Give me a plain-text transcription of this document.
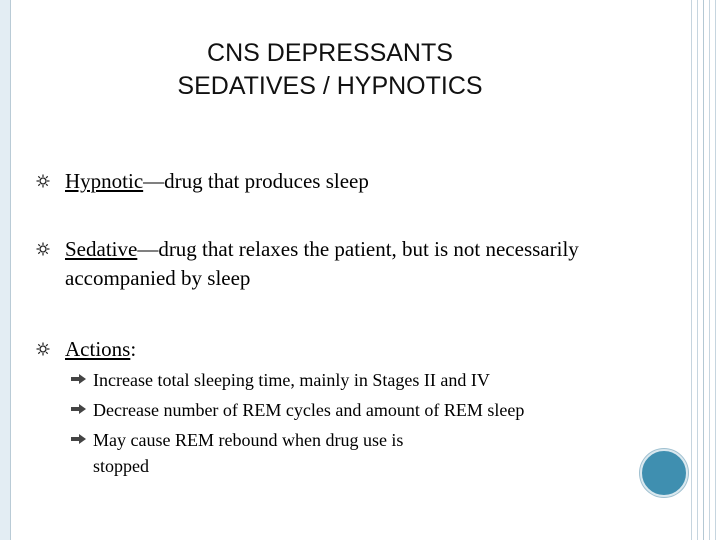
CNS DEPRESSANTS
SEDATIVES / HYPNOTICS
Hypnotic—drug that produces sleep
Sedative—drug that relaxes the patient, but is not necessarily accompanied by sleep
Actions:
Increase total sleeping time, mainly in Stages II and IV
Decrease number of REM cycles and amount of REM sleep
May cause REM rebound when drug use is stopped
